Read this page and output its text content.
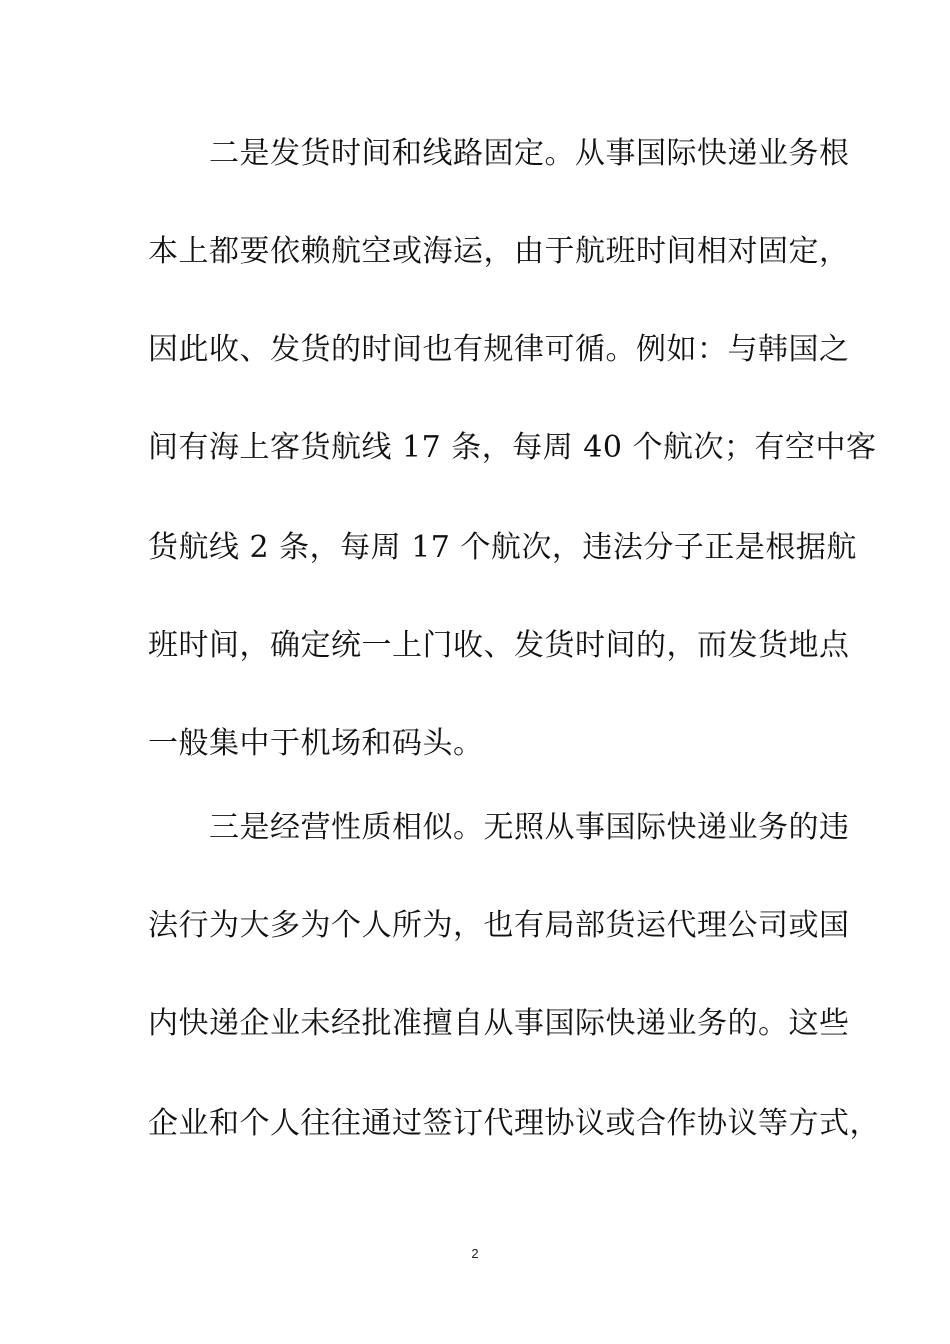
　　二是发货时间和线路固定。从事国际快递业务根
本上都要依赖航空或海运，由于航班时间相对固定，
因此收、发货的时间也有规律可循。例如：与韩国之
间有海上客货航线 17 条，每周 40 个航次；有空中客
货航线 2 条，每周 17 个航次，违法分子正是根据航
班时间，确定统一上门收、发货时间的，而发货地点
一般集中于机场和码头。
　　三是经营性质相似。无照从事国际快递业务的违
法行为大多为个人所为，也有局部货运代理公司或国
内快递企业未经批准擅自从事国际快递业务的。这些
企业和个人往往通过签订代理协议或合作协议等方式，
2
